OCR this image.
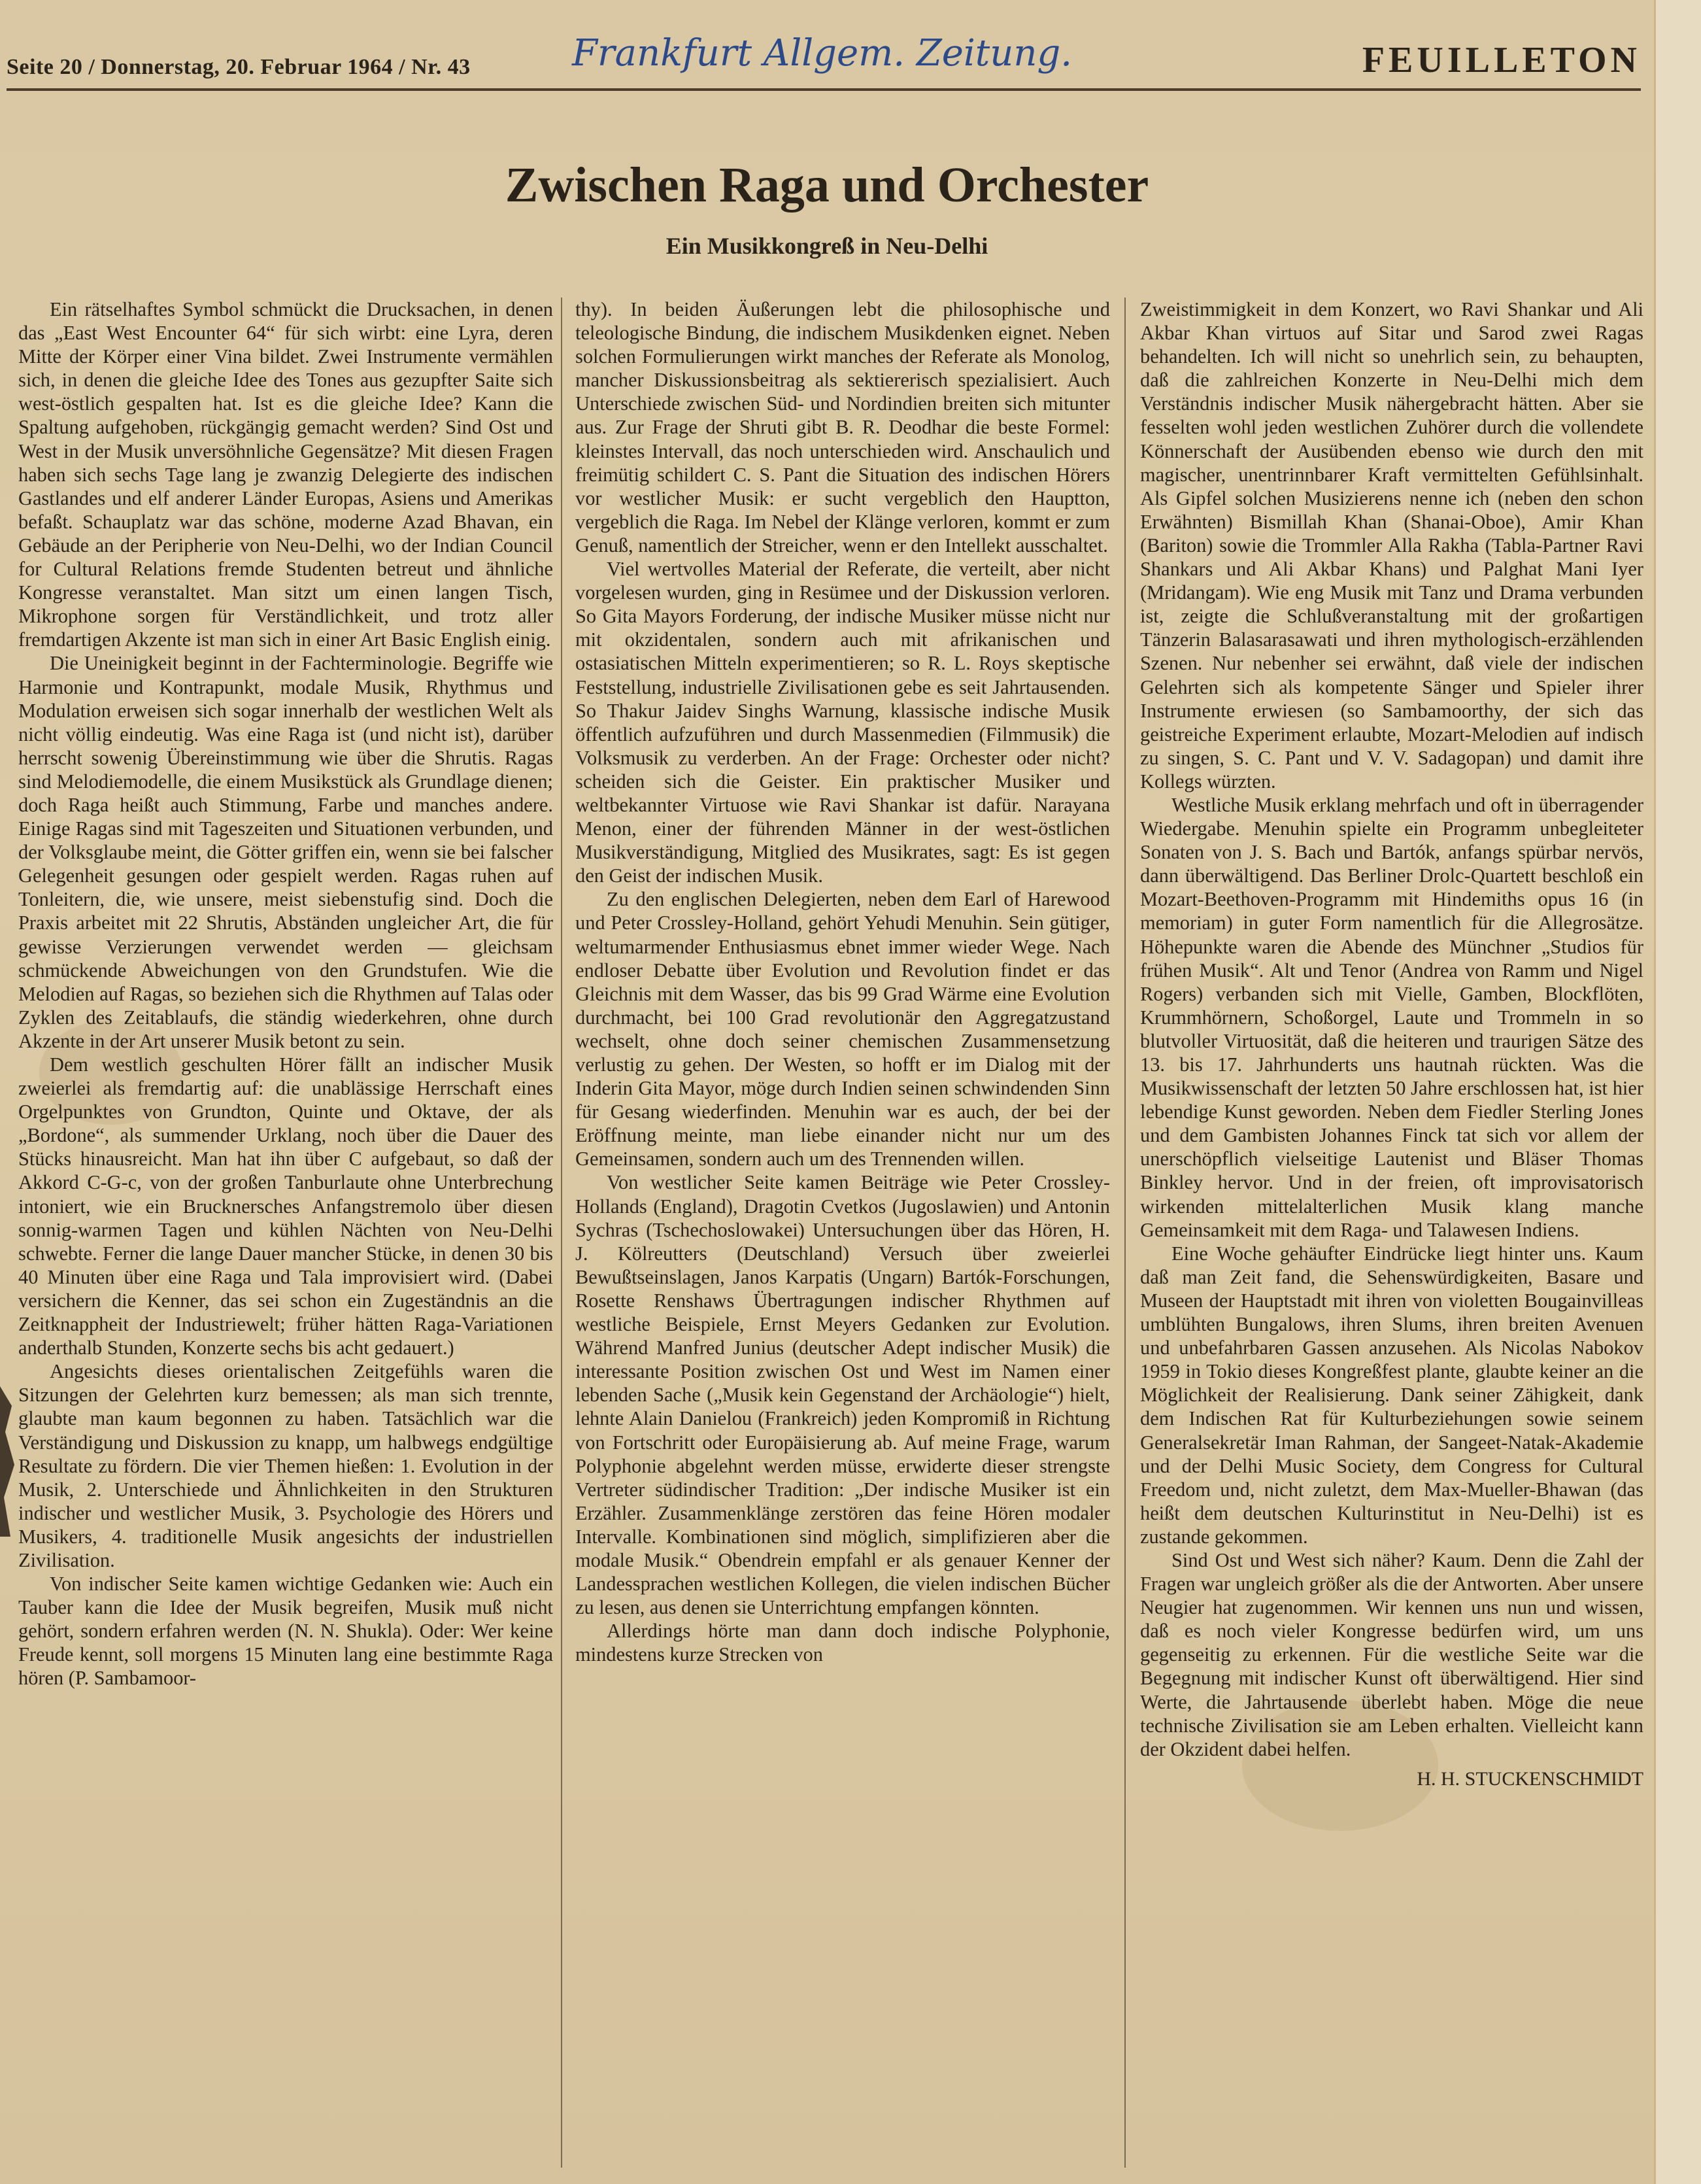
Seite 20 / Donnerstag, 20. Februar 1964 / Nr. 43	Frankfurt Allgem. Zeitung.	FEUILLETON
Zwischen Raga und Orchester
Ein Musikkongreß in Neu-Delhi

Ein rätselhaftes Symbol schmückt die Drucksachen, in denen das „East West Encounter 64“ für sich wirbt: eine Lyra, deren Mitte der Körper einer Vina bildet. Zwei Instrumente vermählen sich, in denen die gleiche Idee des Tones aus gezupfter Saite sich west-östlich gespalten hat. Ist es die gleiche Idee? Kann die Spaltung aufgehoben, rückgängig gemacht werden? Sind Ost und West in der Musik unversöhnliche Gegensätze? Mit diesen Fragen haben sich sechs Tage lang je zwanzig Delegierte des indischen Gastlandes und elf anderer Länder Europas, Asiens und Amerikas befaßt. Schauplatz war das schöne, moderne Azad Bhavan, ein Gebäude an der Peripherie von Neu-Delhi, wo der Indian Council for Cultural Relations fremde Studenten betreut und ähnliche Kongresse veranstaltet. Man sitzt um einen langen Tisch, Mikrophone sorgen für Verständlichkeit, und trotz aller fremdartigen Akzente ist man sich in einer Art Basic English einig.

Die Uneinigkeit beginnt in der Fachterminologie. Begriffe wie Harmonie und Kontrapunkt, modale Musik, Rhythmus und Modulation erweisen sich sogar innerhalb der westlichen Welt als nicht völlig eindeutig. Was eine Raga ist (und nicht ist), darüber herrscht sowenig Übereinstimmung wie über die Shrutis. Ragas sind Melodiemodelle, die einem Musikstück als Grundlage dienen; doch Raga heißt auch Stimmung, Farbe und manches andere. Einige Ragas sind mit Tageszeiten und Situationen verbunden, und der Volksglaube meint, die Götter griffen ein, wenn sie bei falscher Gelegenheit gesungen oder gespielt werden. Ragas ruhen auf Tonleitern, die, wie unsere, meist siebenstufig sind. Doch die Praxis arbeitet mit 22 Shrutis, Abständen ungleicher Art, die für gewisse Verzierungen verwendet werden — gleichsam schmückende Abweichungen von den Grundstufen. Wie die Melodien auf Ragas, so beziehen sich die Rhythmen auf Talas oder Zyklen des Zeitablaufs, die ständig wiederkehren, ohne durch Akzente in der Art unserer Musik betont zu sein.

Dem westlich geschulten Hörer fällt an indischer Musik zweierlei als fremdartig auf: die unablässige Herrschaft eines Orgelpunktes von Grundton, Quinte und Oktave, der als „Bordone“, als summender Urklang, noch über die Dauer des Stücks hinausreicht. Man hat ihn über C aufgebaut, so daß der Akkord C-G-c, von der großen Tanburlaute ohne Unterbrechung intoniert, wie ein Brucknersches Anfangstremolo über diesen sonnig-warmen Tagen und kühlen Nächten von Neu-Delhi schwebte. Ferner die lange Dauer mancher Stücke, in denen 30 bis 40 Minuten über eine Raga und Tala improvisiert wird. (Dabei versichern die Kenner, das sei schon ein Zugeständnis an die Zeitknappheit der Industriewelt; früher hätten Raga-Variationen anderthalb Stunden, Konzerte sechs bis acht gedauert.)

Angesichts dieses orientalischen Zeitgefühls waren die Sitzungen der Gelehrten kurz bemessen; als man sich trennte, glaubte man kaum begonnen zu haben. Tatsächlich war die Verständigung und Diskussion zu knapp, um halbwegs endgültige Resultate zu fördern. Die vier Themen hießen: 1. Evolution in der Musik, 2. Unterschiede und Ähnlichkeiten in den Strukturen indischer und westlicher Musik, 3. Psychologie des Hörers und Musikers, 4. traditionelle Musik angesichts der industriellen Zivilisation.

Von indischer Seite kamen wichtige Gedanken wie: Auch ein Tauber kann die Idee der Musik begreifen, Musik muß nicht gehört, sondern erfahren werden (N. N. Shukla). Oder: Wer keine Freude kennt, soll morgens 15 Minuten lang eine bestimmte Raga hören (P. Sambamoor-

thy). In beiden Äußerungen lebt die philosophische und teleologische Bindung, die indischem Musikdenken eignet. Neben solchen Formulierungen wirkt manches der Referate als Monolog, mancher Diskussionsbeitrag als sektiererisch spezialisiert. Auch Unterschiede zwischen Süd- und Nordindien breiten sich mitunter aus. Zur Frage der Shruti gibt B. R. Deodhar die beste Formel: kleinstes Intervall, das noch unterschieden wird. Anschaulich und freimütig schildert C. S. Pant die Situation des indischen Hörers vor westlicher Musik: er sucht vergeblich den Hauptton, vergeblich die Raga. Im Nebel der Klänge verloren, kommt er zum Genuß, namentlich der Streicher, wenn er den Intellekt ausschaltet.

Viel wertvolles Material der Referate, die verteilt, aber nicht vorgelesen wurden, ging in Resümee und der Diskussion verloren. So Gita Mayors Forderung, der indische Musiker müsse nicht nur mit okzidentalen, sondern auch mit afrikanischen und ostasiatischen Mitteln experimentieren; so R. L. Roys skeptische Feststellung, industrielle Zivilisationen gebe es seit Jahrtausenden. So Thakur Jaidev Singhs Warnung, klassische indische Musik öffentlich aufzuführen und durch Massenmedien (Filmmusik) die Volksmusik zu verderben. An der Frage: Orchester oder nicht? scheiden sich die Geister. Ein praktischer Musiker und weltbekannter Virtuose wie Ravi Shankar ist dafür. Narayana Menon, einer der führenden Männer in der west-östlichen Musikverständigung, Mitglied des Musikrates, sagt: Es ist gegen den Geist der indischen Musik.

Zu den englischen Delegierten, neben dem Earl of Harewood und Peter Crossley-Holland, gehört Yehudi Menuhin. Sein gütiger, weltumarmender Enthusiasmus ebnet immer wieder Wege. Nach endloser Debatte über Evolution und Revolution findet er das Gleichnis mit dem Wasser, das bis 99 Grad Wärme eine Evolution durchmacht, bei 100 Grad revolutionär den Aggregatzustand wechselt, ohne doch seiner chemischen Zusammensetzung verlustig zu gehen. Der Westen, so hofft er im Dialog mit der Inderin Gita Mayor, möge durch Indien seinen schwindenden Sinn für Gesang wiederfinden. Menuhin war es auch, der bei der Eröffnung meinte, man liebe einander nicht nur um des Gemeinsamen, sondern auch um des Trennenden willen.

Von westlicher Seite kamen Beiträge wie Peter Crossley-Hollands (England), Dragotin Cvetkos (Jugoslawien) und Antonin Sychras (Tschechoslowakei) Untersuchungen über das Hören, H. J. Kölreutters (Deutschland) Versuch über zweierlei Bewußtseinslagen, Janos Karpatis (Ungarn) Bartók-Forschungen, Rosette Renshaws Übertragungen indischer Rhythmen auf westliche Beispiele, Ernst Meyers Gedanken zur Evolution. Während Manfred Junius (deutscher Adept indischer Musik) die interessante Position zwischen Ost und West im Namen einer lebenden Sache („Musik kein Gegenstand der Archäologie“) hielt, lehnte Alain Danielou (Frankreich) jeden Kompromiß in Richtung von Fortschritt oder Europäisierung ab. Auf meine Frage, warum Polyphonie abgelehnt werden müsse, erwiderte dieser strengste Vertreter südindischer Tradition: „Der indische Musiker ist ein Erzähler. Zusammenklänge zerstören das feine Hören modaler Intervalle. Kombinationen sind möglich, simplifizieren aber die modale Musik.“ Obendrein empfahl er als genauer Kenner der Landessprachen westlichen Kollegen, die vielen indischen Bücher zu lesen, aus denen sie Unterrichtung empfangen könnten.

Allerdings hörte man dann doch indische Polyphonie, mindestens kurze Strecken von

Zweistimmigkeit in dem Konzert, wo Ravi Shankar und Ali Akbar Khan virtuos auf Sitar und Sarod zwei Ragas behandelten. Ich will nicht so unehrlich sein, zu behaupten, daß die zahlreichen Konzerte in Neu-Delhi mich dem Verständnis indischer Musik nähergebracht hätten. Aber sie fesselten wohl jeden westlichen Zuhörer durch die vollendete Könnerschaft der Ausübenden ebenso wie durch den mit magischer, unentrinnbarer Kraft vermittelten Gefühlsinhalt. Als Gipfel solchen Musizierens nenne ich (neben den schon Erwähnten) Bismillah Khan (Shanai-Oboe), Amir Khan (Bariton) sowie die Trommler Alla Rakha (Tabla-Partner Ravi Shankars und Ali Akbar Khans) und Palghat Mani Iyer (Mridangam). Wie eng Musik mit Tanz und Drama verbunden ist, zeigte die Schlußveranstaltung mit der großartigen Tänzerin Balasarasawati und ihren mythologisch-erzählenden Szenen. Nur nebenher sei erwähnt, daß viele der indischen Gelehrten sich als kompetente Sänger und Spieler ihrer Instrumente erwiesen (so Sambamoorthy, der sich das geistreiche Experiment erlaubte, Mozart-Melodien auf indisch zu singen, S. C. Pant und V. V. Sadagopan) und damit ihre Kollegs würzten.

Westliche Musik erklang mehrfach und oft in überragender Wiedergabe. Menuhin spielte ein Programm unbegleiteter Sonaten von J. S. Bach und Bartók, anfangs spürbar nervös, dann überwältigend. Das Berliner Drolc-Quartett beschloß ein Mozart-Beethoven-Programm mit Hindemiths opus 16 (in memoriam) in guter Form namentlich für die Allegrosätze. Höhepunkte waren die Abende des Münchner „Studios für frühen Musik“. Alt und Tenor (Andrea von Ramm und Nigel Rogers) verbanden sich mit Vielle, Gamben, Blockflöten, Krummhörnern, Schoßorgel, Laute und Trommeln in so blutvoller Virtuosität, daß die heiteren und traurigen Sätze des 13. bis 17. Jahrhunderts uns hautnah rückten. Was die Musikwissenschaft der letzten 50 Jahre erschlossen hat, ist hier lebendige Kunst geworden. Neben dem Fiedler Sterling Jones und dem Gambisten Johannes Finck tat sich vor allem der unerschöpflich vielseitige Lautenist und Bläser Thomas Binkley hervor. Und in der freien, oft improvisatorisch wirkenden mittelalterlichen Musik klang manche Gemeinsamkeit mit dem Raga- und Talawesen Indiens.

Eine Woche gehäufter Eindrücke liegt hinter uns. Kaum daß man Zeit fand, die Sehenswürdigkeiten, Basare und Museen der Hauptstadt mit ihren von violetten Bougainvilleas umblühten Bungalows, ihren Slums, ihren breiten Avenuen und unbefahrbaren Gassen anzusehen. Als Nicolas Nabokov 1959 in Tokio dieses Kongreßfest plante, glaubte keiner an die Möglichkeit der Realisierung. Dank seiner Zähigkeit, dank dem Indischen Rat für Kulturbeziehungen sowie seinem Generalsekretär Iman Rahman, der Sangeet-Natak-Akademie und der Delhi Music Society, dem Congress for Cultural Freedom und, nicht zuletzt, dem Max-Mueller-Bhawan (das heißt dem deutschen Kulturinstitut in Neu-Delhi) ist es zustande gekommen.

Sind Ost und West sich näher? Kaum. Denn die Zahl der Fragen war ungleich größer als die der Antworten. Aber unsere Neugier hat zugenommen. Wir kennen uns nun und wissen, daß es noch vieler Kongresse bedürfen wird, um uns gegenseitig zu erkennen. Für die westliche Seite war die Begegnung mit indischer Kunst oft überwältigend. Hier sind Werte, die Jahrtausende überlebt haben. Möge die neue technische Zivilisation sie am Leben erhalten. Vielleicht kann der Okzident dabei helfen.

H. H. STUCKENSCHMIDT
